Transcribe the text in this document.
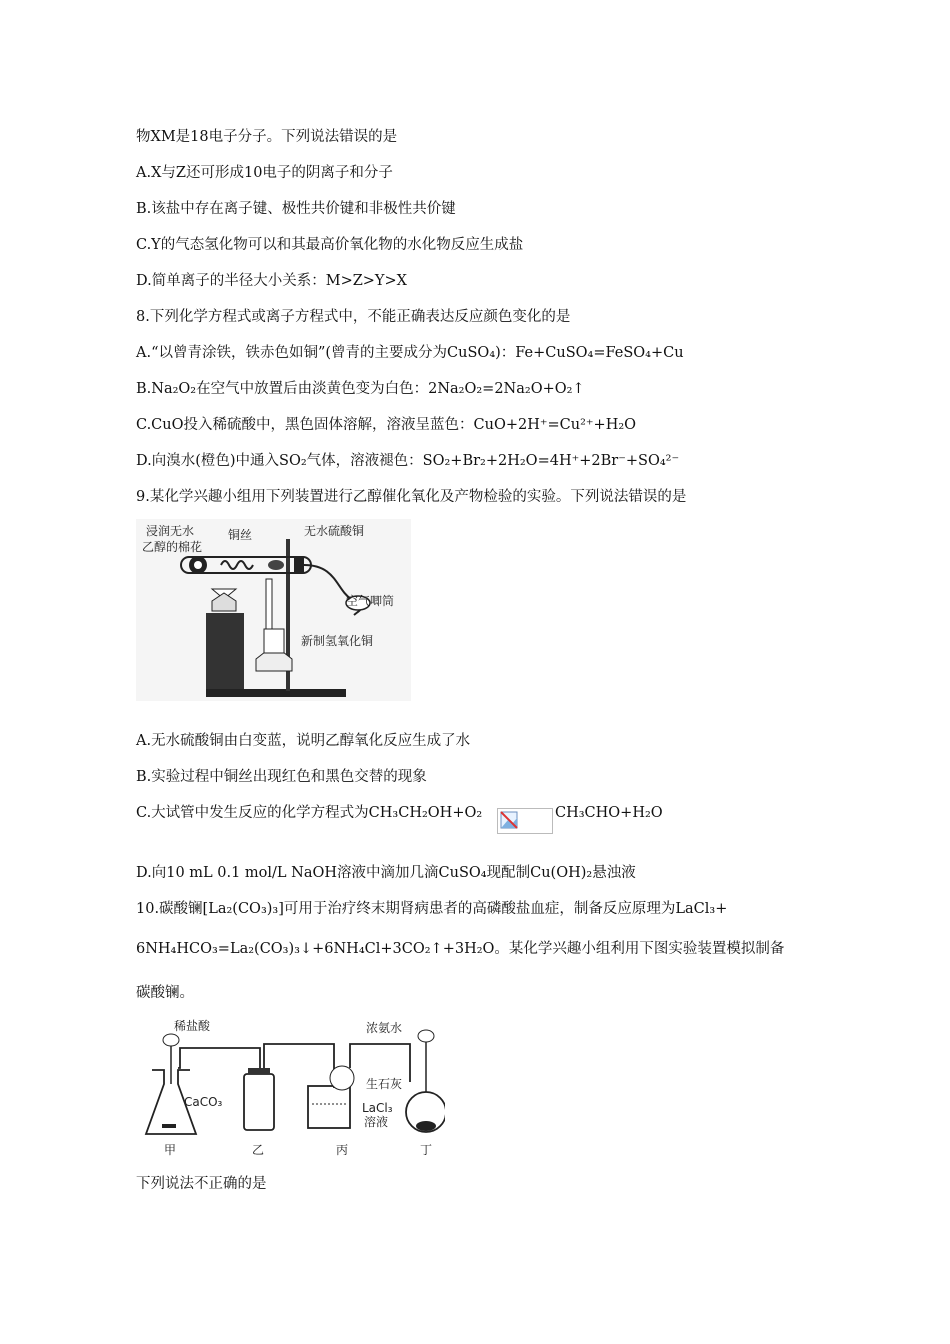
物XM是18电子分子。下列说法错误的是
A.X与Z还可形成10电子的阴离子和分子
B.该盐中存在离子键、极性共价键和非极性共价键
C.Y的气态氢化物可以和其最高价氧化物的水化物反应生成盐
D.简单离子的半径大小关系：M>Z>Y>X
8.下列化学方程式或离子方程式中，不能正确表达反应颜色变化的是
A.“以曾青涂铁，铁赤色如铜”(曾青的主要成分为CuSO₄)：Fe+CuSO₄=FeSO₄+Cu
B.Na₂O₂在空气中放置后由淡黄色变为白色：2Na₂O₂=2Na₂O+O₂↑
C.CuO投入稀硫酸中，黑色固体溶解，溶液呈蓝色：CuO+2H⁺=Cu²⁺+H₂O
D.向溴水(橙色)中通入SO₂气体，溶液褪色：SO₂+Br₂+2H₂O=4H⁺+2Br⁻+SO₄²⁻
9.某化学兴趣小组用下列装置进行乙醇催化氧化及产物检验的实验。下列说法错误的是
浸润无水
乙醇的棉花
铜丝	无水硫酸铜
空气唧筒
新制氢氧化铜
A.无水硫酸铜由白变蓝，说明乙醇氧化反应生成了水
B.实验过程中铜丝出现红色和黑色交替的现象
C.大试管中发生反应的化学方程式为CH₃CH₂OH+O₂	CH₃CHO+H₂O
D.向10 mL 0.1 mol/L NaOH溶液中滴加几滴CuSO₄现配制Cu(OH)₂悬浊液
10.碳酸镧[La₂(CO₃)₃]可用于治疗终末期肾病患者的高磷酸盐血症，制备反应原理为LaCl₃+
6NH₄HCO₃=La₂(CO₃)₃↓+6NH₄Cl+3CO₂↑+3H₂O。某化学兴趣小组利用下图实验装置模拟制备
碳酸镧。
稀盐酸	浓氨水
CaCO₃
生石灰
LaCl₃
溶液
甲	乙	丙	丁
下列说法不正确的是
